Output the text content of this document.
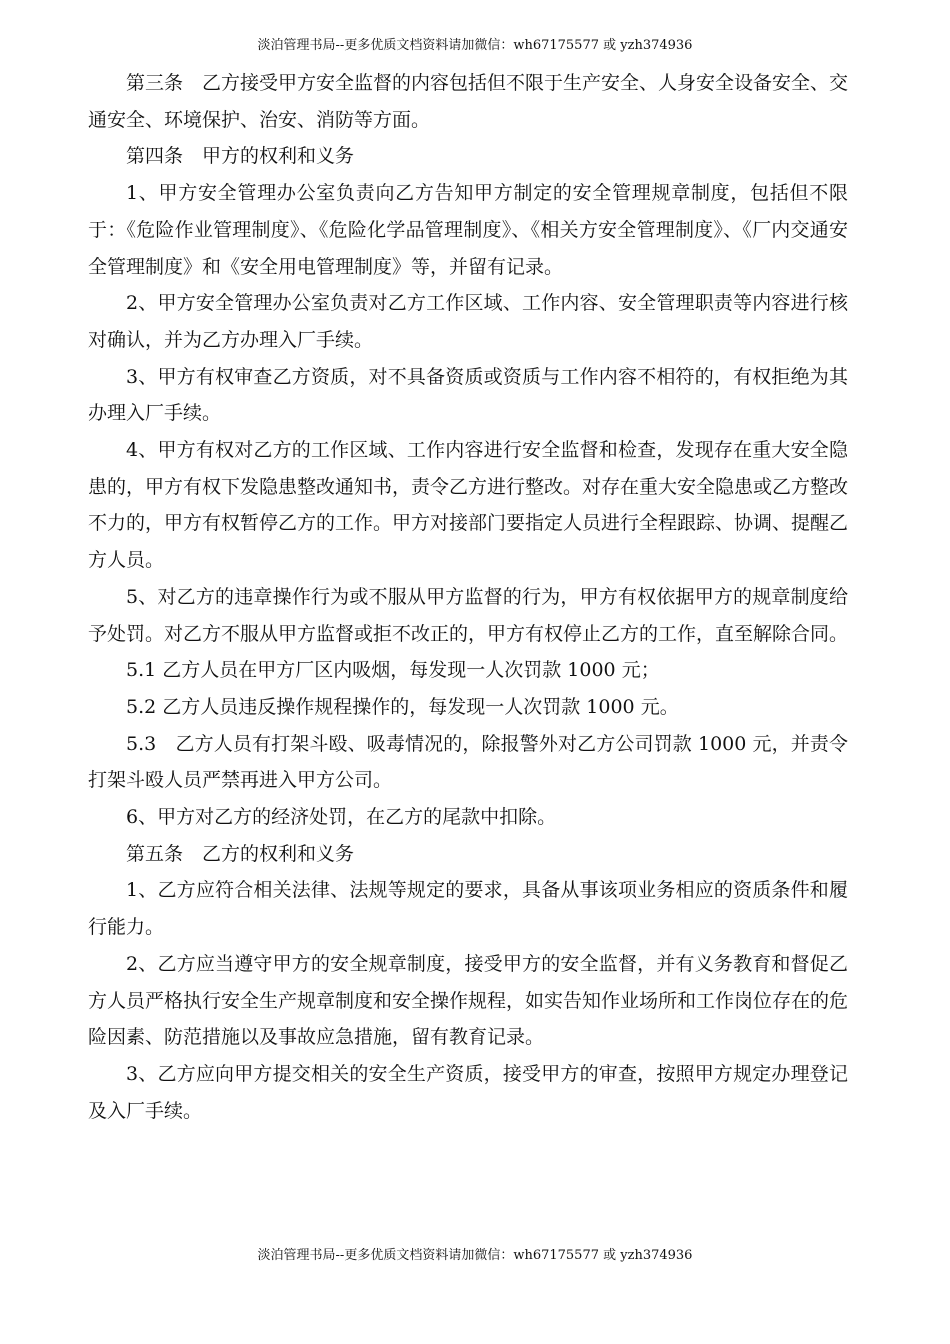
淡泊管理书局--更多优质文档资料请加微信：wh67175577 或 yzh374936

第三条　乙方接受甲方安全监督的内容包括但不限于生产安全、人身安全设备安全、交通安全、环境保护、治安、消防等方面。

第四条　甲方的权利和义务

1、甲方安全管理办公室负责向乙方告知甲方制定的安全管理规章制度，包括但不限于：《危险作业管理制度》、《危险化学品管理制度》、《相关方安全管理制度》、《厂内交通安全管理制度》和《安全用电管理制度》等，并留有记录。

2、甲方安全管理办公室负责对乙方工作区域、工作内容、安全管理职责等内容进行核对确认，并为乙方办理入厂手续。

3、甲方有权审查乙方资质，对不具备资质或资质与工作内容不相符的，有权拒绝为其办理入厂手续。

4、甲方有权对乙方的工作区域、工作内容进行安全监督和检查，发现存在重大安全隐患的，甲方有权下发隐患整改通知书，责令乙方进行整改。对存在重大安全隐患或乙方整改不力的，甲方有权暂停乙方的工作。甲方对接部门要指定人员进行全程跟踪、协调、提醒乙方人员。

5、对乙方的违章操作行为或不服从甲方监督的行为，甲方有权依据甲方的规章制度给予处罚。对乙方不服从甲方监督或拒不改正的，甲方有权停止乙方的工作，直至解除合同。

5.1 乙方人员在甲方厂区内吸烟，每发现一人次罚款 1000 元；

5.2 乙方人员违反操作规程操作的，每发现一人次罚款 1000 元。

5.3　乙方人员有打架斗殴、吸毒情况的，除报警外对乙方公司罚款 1000 元，并责令打架斗殴人员严禁再进入甲方公司。

6、甲方对乙方的经济处罚，在乙方的尾款中扣除。

第五条　乙方的权利和义务

1、乙方应符合相关法律、法规等规定的要求，具备从事该项业务相应的资质条件和履行能力。

2、乙方应当遵守甲方的安全规章制度，接受甲方的安全监督，并有义务教育和督促乙方人员严格执行安全生产规章制度和安全操作规程，如实告知作业场所和工作岗位存在的危险因素、防范措施以及事故应急措施，留有教育记录。

3、乙方应向甲方提交相关的安全生产资质，接受甲方的审查，按照甲方规定办理登记及入厂手续。

淡泊管理书局--更多优质文档资料请加微信：wh67175577 或 yzh374936
